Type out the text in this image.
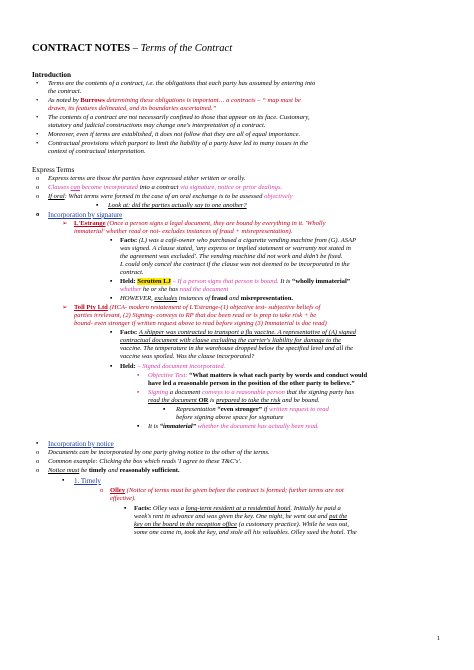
CONTRACT NOTES – Terms of the Contract
Introduction
• Terms are the contents of a contract, i.e. the obligations that each party has assumed by entering into
the contract.
• As noted by Burrows determining these obligations is important… a contracts – “ map must be
drawn, its features delineated, and its boundaries ascertained.”
• The contents of a contract are not necessarily confined to those that appear on its face. Customary,
statutory and judicial constructions may change one's interpretation of a contract.
• Moreover, even if terms are established, it does not follow that they are all of equal importance.
• Contractual provisions which purport to limit the liability of a party have led to many issues in the
context of contractual interpretation.
Express Terms
o Express terms are those the parties have expressed either written or orally.
o Clauses can become incorporated into a contract via signature, notice or prior dealings.
o If oral: What terms were formed in the case of an oral exchange is to be assessed objectively
▪ Look at: did the parties actually say to one another?
o Incorporation by signature
➢ L'Estrange (Once a person signs a legal document, they are bound by everything in it. 'Wholly
immaterial' whether read or not- excludes instances of fraud + misrepresentation).
▪ Facts: (L) was a café-owner who purchased a cigarette vending machine from (G). ASAP
was signed. A clause stated, 'any express or implied statement or warranty not stated in
the agreement was excluded'. The vending machine did not work and didn't be fixed.
L could only cancel the contract if the clause was not deemed to be incorporated in the
contract.
▪ Held: Scrutten LJ – If a person signs that person is bound. It is “wholly immaterial”
whether he or she has read the document
▪ HOWEVER, excludes instances of fraud and misrepresentation.
➢ Toll Pty Ltd (HCA- modern restatement of L'Estrange-(1) objective test- subjective beliefs of
parties irrelevant, (2) Signing- conveys to RP that doc been read or is prep to take risk + be
bound- even stronger if written request above to read before signing (3) Immaterial is doc read)
▪ Facts: A shipper was contracted to transport a flu vaccine. A representative of (A) signed
contractual document with clause excluding the carrier's liability for damage to the
vaccine. The temperature in the warehouse dropped below the specified level and all the
vaccine was spoiled. Was the clause incorporated?
▪ Held: – Signed document incorporated.
▪ Objective Test: “What matters is what each party by words and conduct would
have led a reasonable person in the position of the other party to believe.”
▪ Signing a document conveys to a reasonable person that the signing party has
read the document OR is prepared to take the risk and be bound.
▪ Representation “even stronger” if written request to read
before signing above space for signature
▪ It is “immaterial” whether the document has actually been read.
• Incorporation by notice
o Documents can be incorporated by one party giving notice to the other of the terms.
o Common example: Clicking the box which reads 'I agree to these T&C's'.
o Notice must be timely and reasonably sufficient.
▪ 1. Timely
o Olley (Notice of terms must be given before the contract is formed; further terms are not
effective).
▪ Facts: Olley was a long-term resident at a residential hotel. Initially he paid a
week's rent in advance and was given the key. One night, he went out and put the
key on the board in the reception office (a customary practice). While he was out,
some one came in, took the key, and stole all his valuables. Olley sued the hotel. The
1
